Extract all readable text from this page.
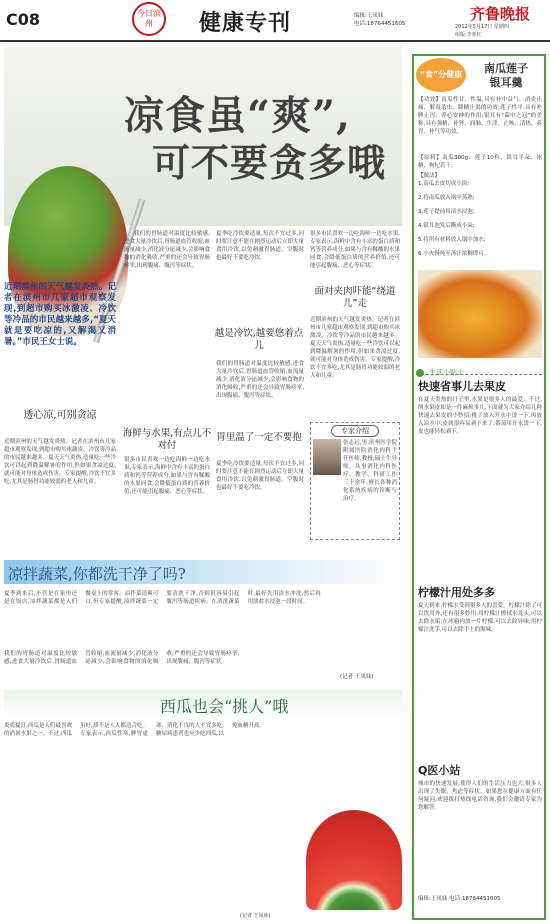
C08	今日滨州	健康专刊	编辑:王凤妹
电话:18764451605
齐鲁晚报
2012年5月17日 星期四
组版:李亚红
凉食虽“爽”,
可不要贪多哦
近期滨州的天气越发炎热。记者在滨州市几家超市观察发现,到超市购买冰激凌、冷饮等冷品的市民越来越多,“夏天就是要吃凉的,又解渴又消暑。”市民王女士说。
透心凉,可别贪凉
近期滨州的天气越发炎热。记者在滨州市几家超市观察发现,到超市购买冰激凌、冷饮等冷品的市民越来越多。夏天天气炎热,适量吃一些冷饮可以起到降温解暑的作用,但如果贪凉过度,就可能对身体造成伤害。专家提醒,冷饮不宜多吃,尤其是肠胃功能较弱的老人和儿童。
我们的胃肠道对温度比较敏感,进食大量冷饮后,胃肠道血管收缩,血流量减少,消化液分泌减少,会影响食物的消化吸收,严重的还会导致胃肠痉挛,出现腹痛、腹泻等症状。
海鲜与水果,有点儿不对付
很多市民喜欢一边吃海鲜一边吃水果,专家表示,海鲜中含有丰富的蛋白质和钙等营养成分,如果与含有鞣酸的水果同食,会降低蛋白质的营养价值,还可能引起腹痛、恶心等症状。
夏季吃冷饮要适量,每次不宜过多,同时要注意不能在剧烈运动后立即大量食用冷饮,以免刺激胃肠道。空腹时也最好不要吃冷饮。
越是冷饮,越要悠着点儿
我们的胃肠道对温度比较敏感,进食大量冷饮后,胃肠道血管收缩,血流量减少,消化液分泌减少,会影响食物的消化吸收,严重的还会导致胃肠痉挛,出现腹痛、腹泻等症状。
胃里温了一定不要抱
夏季吃冷饮要适量,每次不宜过多,同时要注意不能在剧烈运动后立即大量食用冷饮,以免刺激胃肠道。空腹时也最好不要吃冷饮。
很多市民喜欢一边吃海鲜一边吃水果,专家表示,海鲜中含有丰富的蛋白质和钙等营养成分,如果与含有鞣酸的水果同食,会降低蛋白质的营养价值,还可能引起腹痛、恶心等症状。
面对夹肉吓能“绕道儿”走
近期滨州的天气越发炎热。记者在滨州市几家超市观察发现,到超市购买冰激凌、冷饮等冷品的市民越来越多。夏天天气炎热,适量吃一些冷饮可以起到降温解暑的作用,但如果贪凉过度,就可能对身体造成伤害。专家提醒,冷饮不宜多吃,尤其是肠胃功能较弱的老人和儿童。
专家介绍
张志远,男,滨州医学院附属医院消化内科主任医师,教授,硕士生导师。从事消化内科医疗、教学、科研工作三十余年,擅长各种消化系统疾病的诊断与治疗。
凉拌蔬菜,你都洗干净了吗?
夏季到来后,不管是在家里还是在饭店,凉拌蔬菜都是人们餐桌上的常客。凉拌菜清爽可口,但专家提醒,凉拌蔬菜一定要清洗干净,否则很容易引起腹泻等肠道疾病。在清洗蔬菜时,最好先用清水冲洗,然后再用淡盐水浸泡一段时间。
我们的胃肠道对温度比较敏感,进食大量冷饮后,胃肠道血管收缩,血流量减少,消化液分泌减少,会影响食物的消化吸收,严重的还会导致胃肠痉挛,出现腹痛、腹泻等症状。
(记者 王凤妹)
西瓜也会“挑人”哦
炎炎夏日,西瓜是人们最喜欢的消暑水果之一。不过,西瓜虽好,却不是人人都适合吃。专家表示,西瓜性寒,脾胃虚寒、消化不良的人不宜多吃;糖尿病患者也应少吃西瓜,以免血糖升高。
(记者 王凤妹)
“食”分健康	南瓜莲子
银耳羹
【功效】南瓜性甘、性温,具有补中益气、消炎止痛、解毒杀虫、降糖止渴的功效;莲子性平,具有补脾止泻、养心安神的作用;银耳有“菌中之冠”的美称,具有强精、补肾、润肺、生津、止咳、清热、养胃、补气等功效。
【原料】南瓜300g、莲子10粒、银耳半朵、冰糖、枸杞若干。
【做法】
1.南瓜去皮切成小块;
2.将南瓜放入锅中蒸熟;
3.莲子提前用清水浸泡;
4.银耳泡发后撕成小朵;
5.将所有材料放入锅中加水;
6.小火慢炖至汤汁浓稠即可。
生活小贴士
快速省事儿去果皮
在夏天炎热的日子里,水果是很多人的最爱。不过,削水果皮却是一件麻烦事儿,下面就为大家介绍几种快速去果皮的小妙招:桃子放入开水中烫一下,再放入凉水中,皮就很容易剥下来了;番茄用开水烫一下,皮也能轻松剥下。
柠檬汁用处多多
夏天到来,柠檬水受到很多人的喜爱。柠檬汁除了可以饮用外,还有很多妙用:用柠檬汁擦拭水龙头,可以去除水垢;在冰箱内放一片柠檬,可以去除异味;用柠檬汁洗手,可以去除手上的腥味。
Q医小站
城市的快速发展,使得人们的生活压力也大,很多人出现了失眠、焦虑等症状。如果您在健康方面有任何疑问,欢迎拨打热线电话咨询,我们会邀请专家为您解答。
编辑:王凤妹 电话:18764451605
